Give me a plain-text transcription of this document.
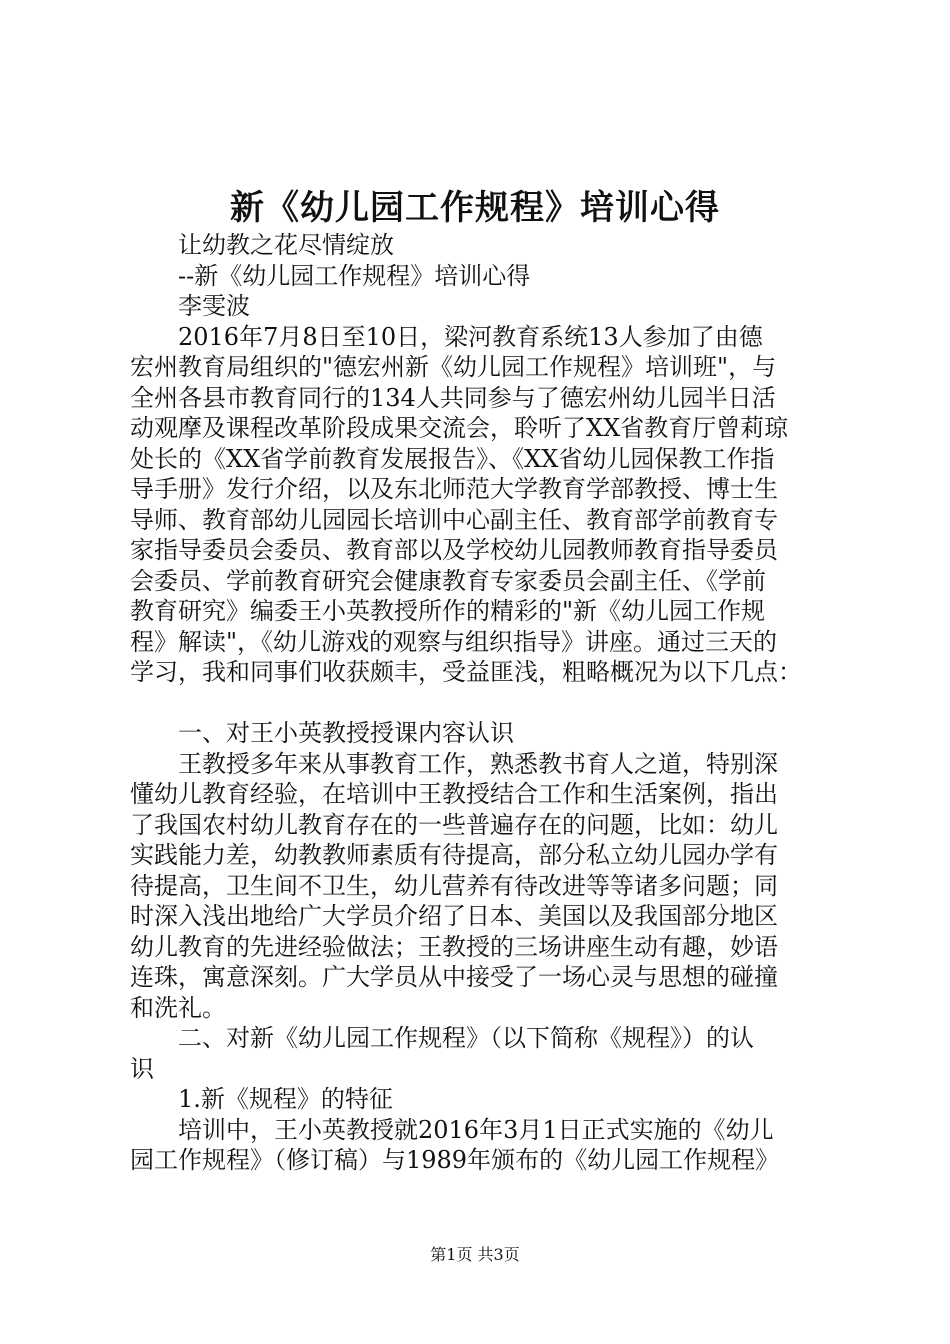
新《幼儿园工作规程》培训心得
让幼教之花尽情绽放
--新《幼儿园工作规程》培训心得
李雯波
2016年7月8日至10日，梁河教育系统13人参加了由德
宏州教育局组织的"德宏州新《幼儿园工作规程》培训班"，与
全州各县市教育同行的134人共同参与了德宏州幼儿园半日活
动观摩及课程改革阶段成果交流会，聆听了XX省教育厅曾莉琼
处长的《XX省学前教育发展报告》、《XX省幼儿园保教工作指
导手册》发行介绍，以及东北师范大学教育学部教授、博士生
导师、教育部幼儿园园长培训中心副主任、教育部学前教育专
家指导委员会委员、教育部以及学校幼儿园教师教育指导委员
会委员、学前教育研究会健康教育专家委员会副主任、《学前
教育研究》编委王小英教授所作的精彩的"新《幼儿园工作规
程》解读"，《幼儿游戏的观察与组织指导》讲座。通过三天的
学习，我和同事们收获颇丰，受益匪浅，粗略概况为以下几点：
一、对王小英教授授课内容认识
王教授多年来从事教育工作，熟悉教书育人之道，特别深
懂幼儿教育经验，在培训中王教授结合工作和生活案例，指出
了我国农村幼儿教育存在的一些普遍存在的问题，比如：幼儿
实践能力差，幼教教师素质有待提高，部分私立幼儿园办学有
待提高，卫生间不卫生，幼儿营养有待改进等等诸多问题；同
时深入浅出地给广大学员介绍了日本、美国以及我国部分地区
幼儿教育的先进经验做法；王教授的三场讲座生动有趣，妙语
连珠，寓意深刻。广大学员从中接受了一场心灵与思想的碰撞
和洗礼。
二、对新《幼儿园工作规程》（以下简称《规程》）的认
识
1.新《规程》的特征
培训中，王小英教授就2016年3月1日正式实施的《幼儿
园工作规程》（修订稿）与1989年颁布的《幼儿园工作规程》
第1页 共3页
